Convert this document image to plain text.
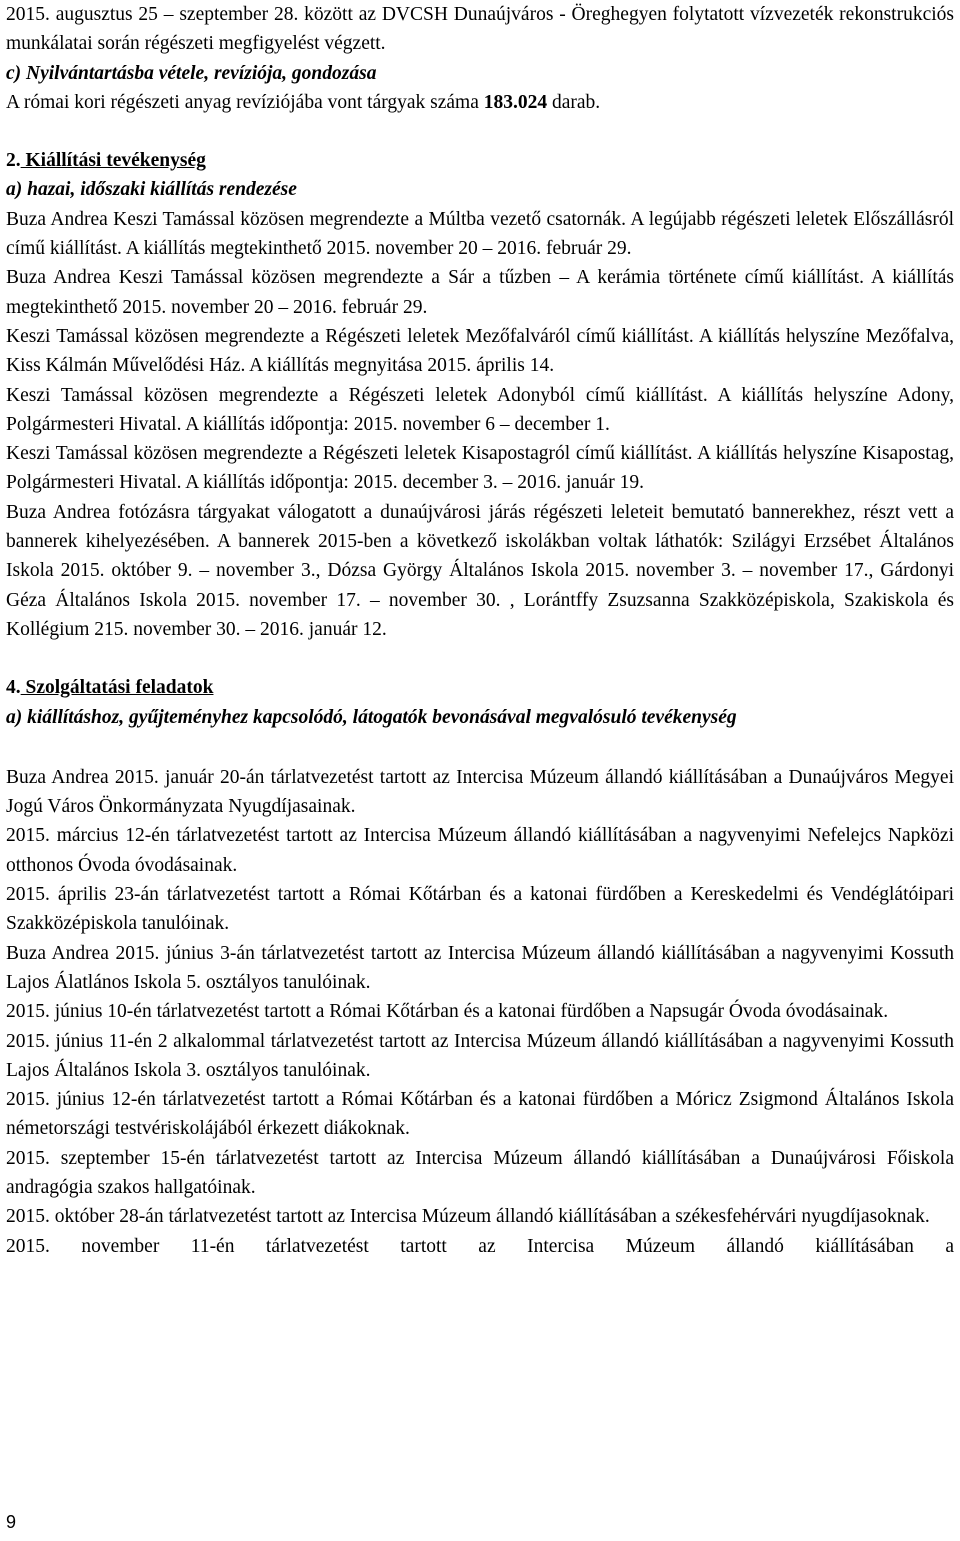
2015. augusztus 25 – szeptember 28. között az DVCSH Dunaújváros - Öreghegyen folytatott vízvezeték rekonstrukciós munkálatai során régészeti megfigyelést végzett.

c) Nyilvántartásba vétele, revíziója, gondozása

A római kori régészeti anyag revíziójába vont tárgyak száma 183.024 darab.

2. Kiállítási tevékenység

a) hazai, időszaki kiállítás rendezése

Buza Andrea Keszi Tamással közösen megrendezte a Múltba vezető csatornák. A legújabb régészeti leletek Előszállásról című kiállítást. A kiállítás megtekinthető 2015. november 20 – 2016. február 29.

Buza Andrea Keszi Tamással közösen megrendezte a Sár a tűzben – A kerámia története című kiállítást. A kiállítás megtekinthető 2015. november 20 – 2016. február 29.

Keszi Tamással közösen megrendezte a Régészeti leletek Mezőfalváról című kiállítást. A kiállítás helyszíne Mezőfalva, Kiss Kálmán Művelődési Ház. A kiállítás megnyitása 2015. április 14.

Keszi Tamással közösen megrendezte a Régészeti leletek Adonyból című kiállítást. A kiállítás helyszíne Adony, Polgármesteri Hivatal. A kiállítás időpontja: 2015. november 6 – december 1.

Keszi Tamással közösen megrendezte a Régészeti leletek Kisapostagról című kiállítást. A kiállítás helyszíne Kisapostag, Polgármesteri Hivatal. A kiállítás időpontja: 2015. december 3. – 2016. január 19.

Buza Andrea fotózásra tárgyakat válogatott a dunaújvárosi járás régészeti leleteit bemutató bannerekhez, részt vett a bannerek kihelyezésében. A bannerek 2015-ben a következő iskolákban voltak láthatók: Szilágyi Erzsébet Általános Iskola 2015. október 9. – november 3., Dózsa György Általános Iskola 2015. november 3. – november 17., Gárdonyi Géza Általános Iskola 2015. november 17. – november 30. , Lorántffy Zsuzsanna Szakközépiskola, Szakiskola és Kollégium 215. november 30. – 2016. január 12.

4. Szolgáltatási feladatok

a) kiállításhoz, gyűjteményhez kapcsolódó, látogatók bevonásával megvalósuló tevékenység

Buza Andrea 2015. január 20-án tárlatvezetést tartott az Intercisa Múzeum állandó kiállításában a Dunaújváros Megyei Jogú Város Önkormányzata Nyugdíjasainak.

2015. március 12-én tárlatvezetést tartott az Intercisa Múzeum állandó kiállításában a nagyvenyimi Nefelejcs Napközi otthonos Óvoda óvodásainak.

2015. április 23-án tárlatvezetést tartott a Római Kőtárban és a katonai fürdőben a Kereskedelmi és Vendéglátóipari Szakközépiskola tanulóinak.

Buza Andrea 2015. június 3-án tárlatvezetést tartott az Intercisa Múzeum állandó kiállításában a nagyvenyimi Kossuth Lajos Álatlános Iskola 5. osztályos tanulóinak.

2015. június 10-én tárlatvezetést tartott a Római Kőtárban és a katonai fürdőben a Napsugár Óvoda óvodásainak.

2015. június 11-én 2 alkalommal tárlatvezetést tartott az Intercisa Múzeum állandó kiállításában a nagyvenyimi Kossuth Lajos Általános Iskola 3. osztályos tanulóinak.

2015. június 12-én tárlatvezetést tartott a Római Kőtárban és a katonai fürdőben a Móricz Zsigmond Általános Iskola németországi testvériskolájából érkezett diákoknak.

2015. szeptember 15-én tárlatvezetést tartott az Intercisa Múzeum állandó kiállításában a Dunaújvárosi Főiskola andragógia szakos hallgatóinak.

2015. október 28-án tárlatvezetést tartott az Intercisa Múzeum állandó kiállításában a székesfehérvári nyugdíjasoknak.

2015. november 11-én tárlatvezetést tartott az Intercisa Múzeum állandó kiállításában a

9
